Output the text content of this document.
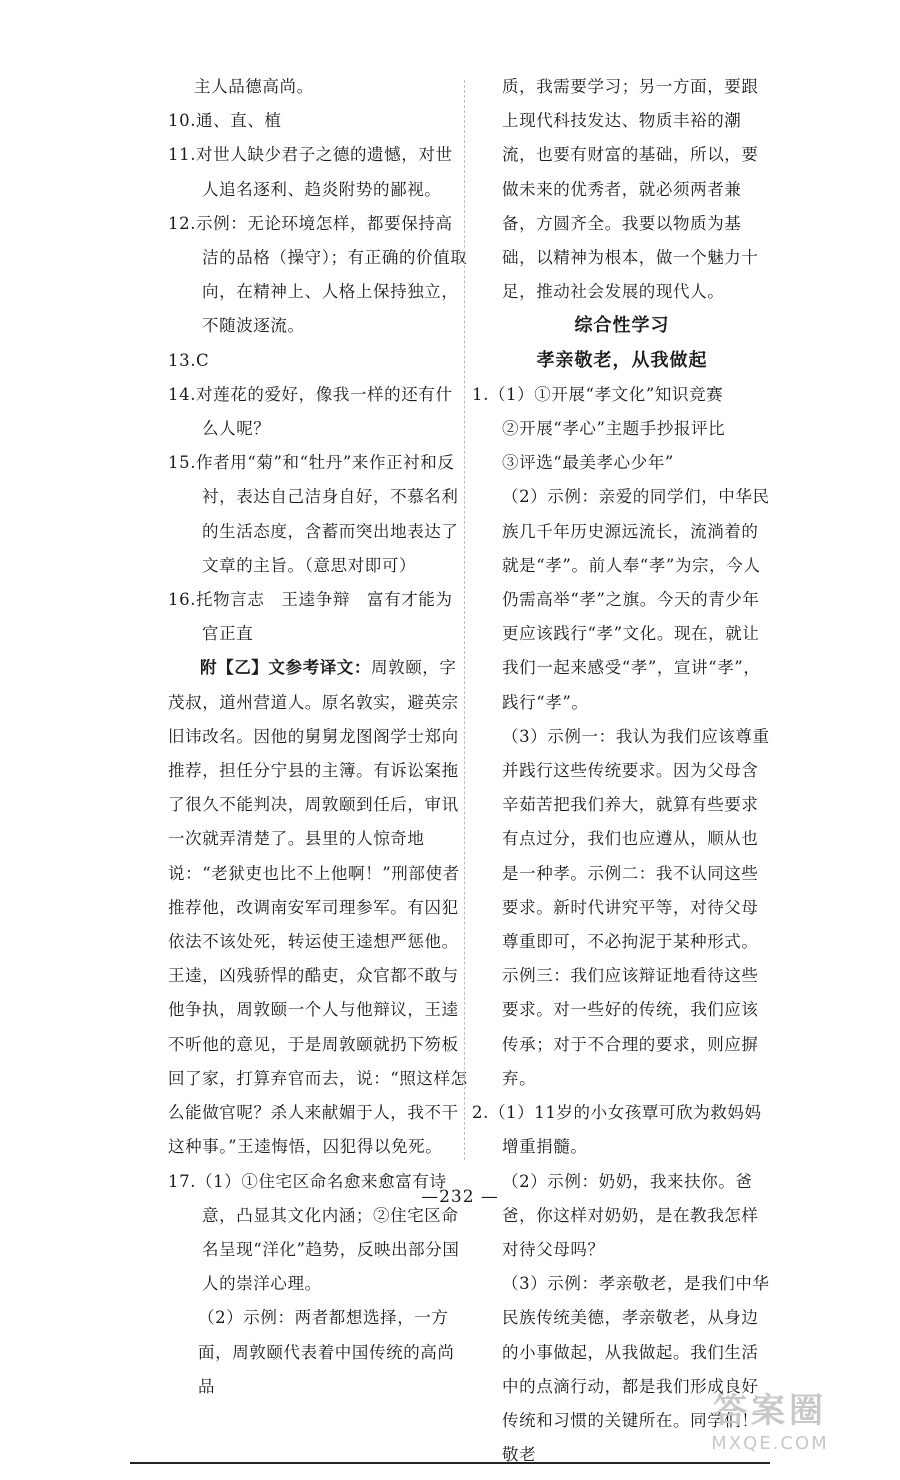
主人品德高尚。

10.通、直、植

11.对世人缺少君子之德的遗憾，对世人追名逐利、趋炎附势的鄙视。

12.示例：无论环境怎样，都要保持高洁的品格（操守）；有正确的价值取向，在精神上、人格上保持独立，不随波逐流。

13.C

14.对莲花的爱好，像我一样的还有什么人呢？

15.作者用“菊”和“牡丹”来作正衬和反衬，表达自己洁身自好，不慕名利的生活态度，含蓄而突出地表达了文章的主旨。（意思对即可）

16.托物言志　王逵争辩　富有才能为官正直

附【乙】文参考译文：周敦颐，字茂叔，道州营道人。原名敦实，避英宗旧讳改名。因他的舅舅龙图阁学士郑向推荐，担任分宁县的主簿。有诉讼案拖了很久不能判决，周敦颐到任后，审讯一次就弄清楚了。县里的人惊奇地说：“老狱吏也比不上他啊！”刑部使者推荐他，改调南安军司理参军。有囚犯依法不该处死，转运使王逵想严惩他。王逵，凶残骄悍的酷吏，众官都不敢与他争执，周敦颐一个人与他辩议，王逵不听他的意见，于是周敦颐就扔下笏板回了家，打算弃官而去，说：“照这样怎么能做官呢？杀人来献媚于人，我不干这种事。”王逵悔悟，囚犯得以免死。

17.（1）①住宅区命名愈来愈富有诗意，凸显其文化内涵；②住宅区命名呈现“洋化”趋势，反映出部分国人的崇洋心理。

（2）示例：两者都想选择，一方面，周敦颐代表着中国传统的高尚品

质，我需要学习；另一方面，要跟上现代科技发达、物质丰裕的潮流，也要有财富的基础，所以，要做未来的优秀者，就必须两者兼备，方圆齐全。我要以物质为基础，以精神为根本，做一个魅力十足，推动社会发展的现代人。

综合性学习

孝亲敬老，从我做起

1.（1）①开展“孝文化”知识竞赛

②开展“孝心”主题手抄报评比

③评选“最美孝心少年”

（2）示例：亲爱的同学们，中华民族几千年历史源远流长，流淌着的就是“孝”。前人奉“孝”为宗，今人仍需高举“孝”之旗。今天的青少年更应该践行“孝”文化。现在，就让我们一起来感受“孝”，宣讲“孝”，践行“孝”。

（3）示例一：我认为我们应该尊重并践行这些传统要求。因为父母含辛茹苦把我们养大，就算有些要求有点过分，我们也应遵从，顺从也是一种孝。示例二：我不认同这些要求。新时代讲究平等，对待父母尊重即可，不必拘泥于某种形式。示例三：我们应该辩证地看待这些要求。对一些好的传统，我们应该传承；对于不合理的要求，则应摒弃。

2.（1）11岁的小女孩覃可欣为救妈妈增重捐髓。

（2）示例：奶奶，我来扶你。爸爸，你这样对奶奶，是在教我怎样对待父母吗？

（3）示例：孝亲敬老，是我们中华民族传统美德，孝亲敬老，从身边的小事做起，从我做起。我们生活中的点滴行动，都是我们形成良好传统和习惯的关键所在。同学们！敬老

—232 —
答案圈
MXQE.COM
